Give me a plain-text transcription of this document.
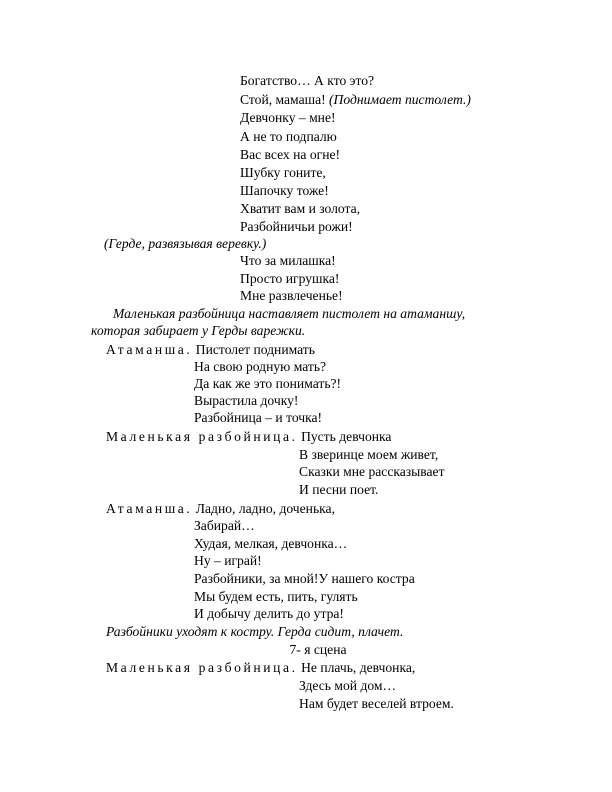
Богатство… А кто это?
Стой, мамаша! (Поднимает пистолет.)
Девчонку – мне!
А не то подпалю
Вас всех на огне!
Шубку гоните,
Шапочку тоже!
Хватит вам и золота,
Разбойничьи рожи!
(Герде, развязывая веревку.)
Что за милашка!
Просто игрушка!
Мне развлеченье!
Маленькая разбойница наставляет пистолет на атаманшу,
которая забирает у Герды варежки.
Атаманша. Пистолет поднимать
На свою родную мать?
Да как же это понимать?!
Вырастила дочку!
Разбойница – и точка!
Маленькая разбойница. Пусть девчонка
В зверинце моем живет,
Сказки мне рассказывает
И песни поет.
Атаманша. Ладно, ладно, доченька,
Забирай…
Худая, мелкая, девчонка…
Ну – играй!
Разбойники, за мной!У нашего костра
Мы будем есть, пить, гулять
И добычу делить до утра!
Разбойники уходят к костру. Герда сидит, плачет.
7- я сцена
Маленькая разбойница. Не плачь, девчонка,
Здесь мой дом…
Нам будет веселей втроем.
